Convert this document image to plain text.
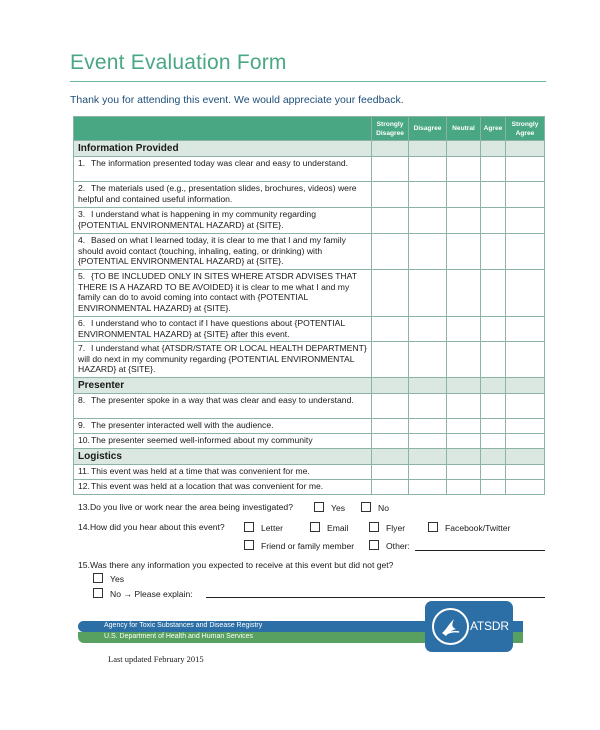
Event Evaluation Form
Thank you for attending this event. We would appreciate your feedback.
	Strongly Disagree	Disagree	Neutral	Agree	Strongly Agree
Information Provided					
1. The information presented today was clear and easy to understand.					
2. The materials used (e.g., presentation slides, brochures, videos) were helpful and contained useful information.					
3. I understand what is happening in my community regarding {POTENTIAL ENVIRONMENTAL HAZARD} at {SITE}.					
4. Based on what I learned today, it is clear to me that I and my family should avoid contact (touching, inhaling, eating, or drinking) with {POTENTIAL ENVIRONMENTAL HAZARD} at {SITE}.					
5. {TO BE INCLUDED ONLY IN SITES WHERE ATSDR ADVISES THAT THERE IS A HAZARD TO BE AVOIDED} it is clear to me what I and my family can do to avoid coming into contact with {POTENTIAL ENVIRONMENTAL HAZARD} at {SITE}.					
6. I understand who to contact if I have questions about {POTENTIAL ENVIRONMENTAL HAZARD} at {SITE} after this event.					
7. I understand what {ATSDR/STATE OR LOCAL HEALTH DEPARTMENT} will do next in my community regarding {POTENTIAL ENVIRONMENTAL HAZARD} at {SITE}.					
Presenter					
8. The presenter spoke in a way that was clear and easy to understand.					
9. The presenter interacted well with the audience.					
10.The presenter seemed well-informed about my community					
Logistics					
11. This event was held at a time that was convenient for me.					
12.This event was held at a location that was convenient for me.					
13.Do you live or work near the area being investigated?	Yes	No
14.How did you hear about this event?	Letter	Email	Flyer	Facebook/Twitter
Friend or family member	Other:
15.Was there any information you expected to receive at this event but did not get?
Yes
No → Please explain:
Agency for Toxic Substances and Disease Registry
U.S. Department of Health and Human Services
ATSDR
Last updated February 2015
